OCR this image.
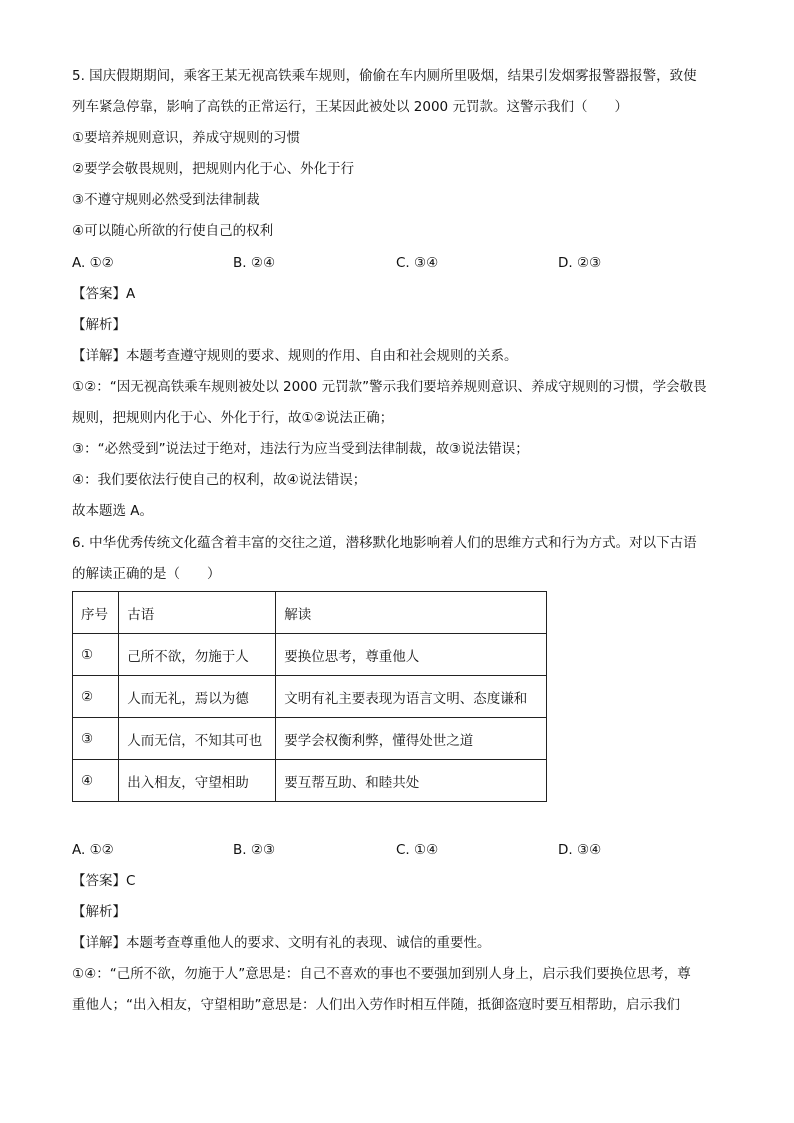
5. 国庆假期期间，乘客王某无视高铁乘车规则，偷偷在车内厕所里吸烟，结果引发烟雾报警器报警，致使
列车紧急停靠，影响了高铁的正常运行，王某因此被处以 2000 元罚款。这警示我们（　　）
①要培养规则意识，养成守规则的习惯
②要学会敬畏规则，把规则内化于心、外化于行
③不遵守规则必然受到法律制裁
④可以随心所欲的行使自己的权利
A. ①②	B. ②④	C. ③④	D. ②③
【答案】A
【解析】
【详解】本题考查遵守规则的要求、规则的作用、自由和社会规则的关系。
①②：“因无视高铁乘车规则被处以 2000 元罚款”警示我们要培养规则意识、养成守规则的习惯，学会敬畏
规则，把规则内化于心、外化于行，故①②说法正确；
③：“必然受到”说法过于绝对，违法行为应当受到法律制裁，故③说法错误；
④：我们要依法行使自己的权利，故④说法错误；
故本题选 A。
6. 中华优秀传统文化蕴含着丰富的交往之道，潜移默化地影响着人们的思维方式和行为方式。对以下古语
的解读正确的是（　　）
序号	古语	解读
①	己所不欲，勿施于人	要换位思考，尊重他人
②	人而无礼，焉以为德	文明有礼主要表现为语言文明、态度谦和
③	人而无信，不知其可也	要学会权衡利弊，懂得处世之道
④	出入相友，守望相助	要互帮互助、和睦共处
A. ①②	B. ②③	C. ①④	D. ③④
【答案】C
【解析】
【详解】本题考查尊重他人的要求、文明有礼的表现、诚信的重要性。
①④：“己所不欲，勿施于人”意思是：自己不喜欢的事也不要强加到别人身上，启示我们要换位思考，尊
重他人；“出入相友，守望相助”意思是：人们出入劳作时相互伴随，抵御盗寇时要互相帮助，启示我们
